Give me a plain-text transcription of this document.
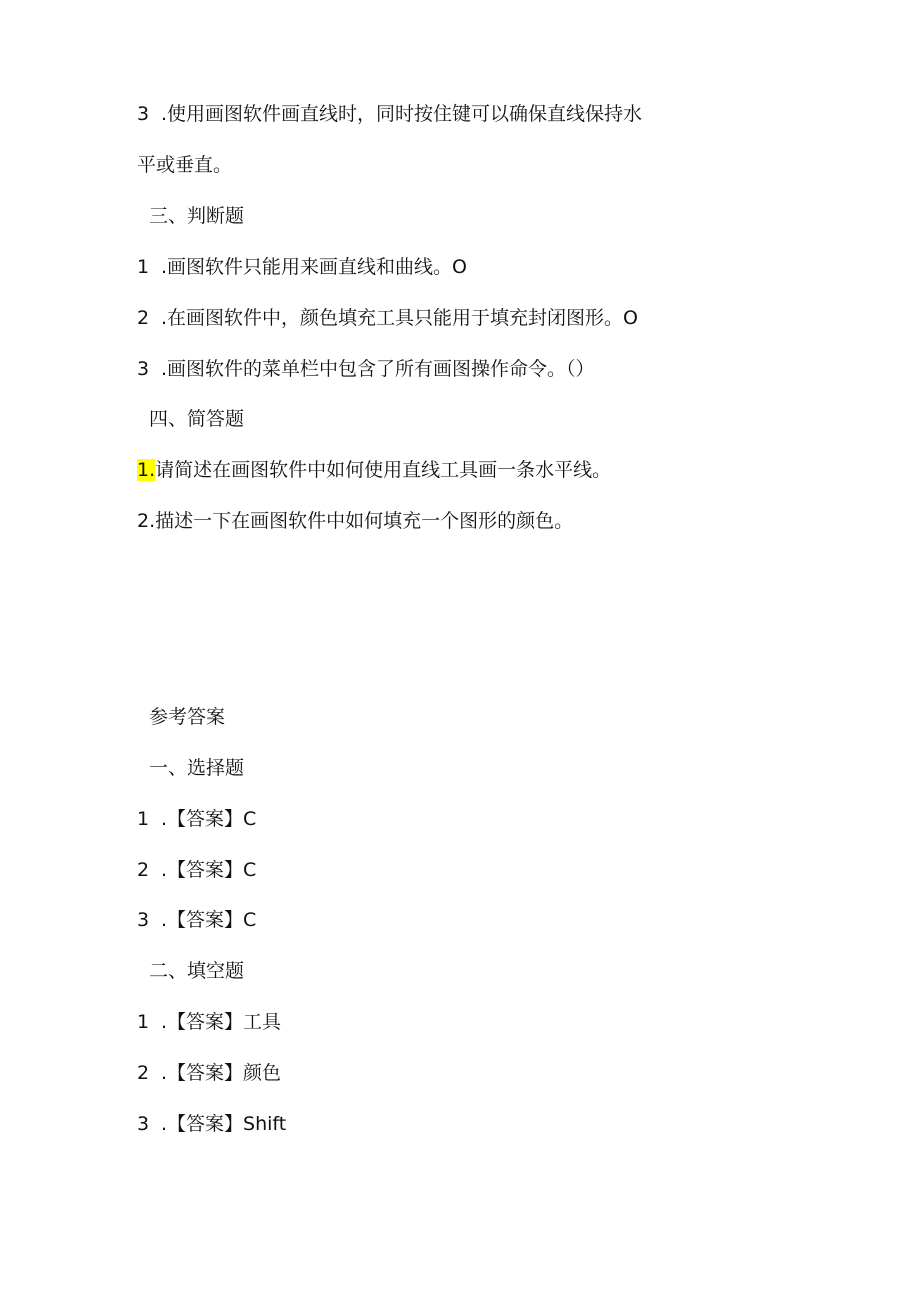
3 .使用画图软件画直线时，同时按住键可以确保直线保持水
平或垂直。
三、判断题
1 .画图软件只能用来画直线和曲线。O
2 .在画图软件中，颜色填充工具只能用于填充封闭图形。O
3 .画图软件的菜单栏中包含了所有画图操作命令。（）
四、简答题
1.请简述在画图软件中如何使用直线工具画一条水平线。
2.描述一下在画图软件中如何填充一个图形的颜色。
参考答案
一、选择题
1 .【答案】C
2 .【答案】C
3 .【答案】C
二、填空题
1 .【答案】工具
2 .【答案】颜色
3 .【答案】Shift
